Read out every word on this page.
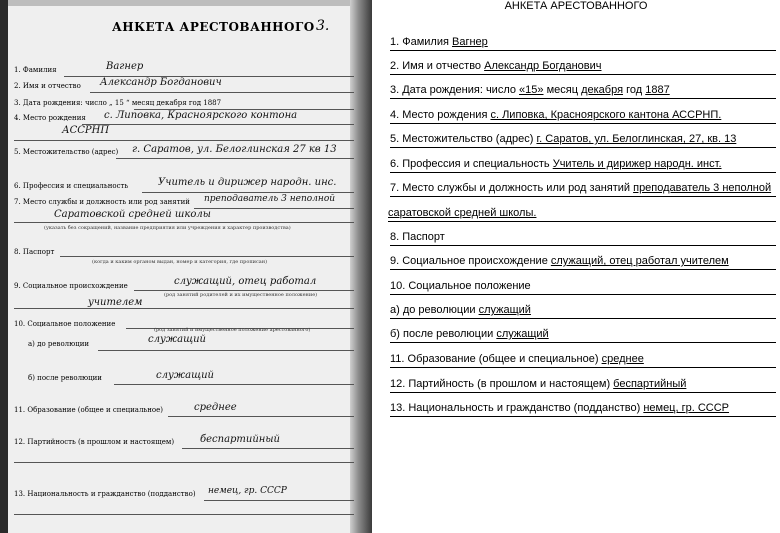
АНКЕТА АРЕСТОВАННОГО 3.
1. Фамилия	Вагнер
2. Имя и отчество Александр Богданович
3. Дата рождения: число „ 15 “ месяц декабря год 1887
4. Место рождения с. Липовка, Красноярского контона
АССРНП
5. Местожительство (адрес) г. Саратов, ул. Белоглинская 27 кв 13
6. Профессия и специальность	Учитель и дирижер народн. инс.
7. Место службы и должность или род занятий преподаватель 3 неполной
Саратовской средней школы
(указать без сокращений, название предприятия или учреждения и характер производства)
8. Паспорт
(когда и каким органом выдан, номер и категория, где прописан)
9. Социальное происхождение	служащий, отец работал
(род занятий родителей и их имущественное положение)
учителем
10. Социальное положение
(род занятий и имущественное положение арестованного)
а) до революции	служащий
б) после революции	служащий
11. Образование (общее и специальное)	среднее
12. Партийность (в прошлом и настоящем)	беспартийный
13. Национальность и гражданство (подданство) немец, гр. СССР
АНКЕТА АРЕСТОВАННОГО
1. Фамилия Вагнер
2. Имя и отчество Александр Богданович
3. Дата рождения: число «15» месяц декабря год 1887
4. Место рождения с. Липовка, Красноярского кантона АССРНП.
5. Местожительство (адрес) г. Саратов, ул. Белоглинская, 27, кв. 13
6. Профессия и специальность Учитель и дирижер народн. инст.
7. Место службы и должность или род занятий преподаватель 3 неполной
саратовской средней школы.
8. Паспорт
9. Социальное происхождение служащий, отец работал учителем
10. Социальное положение
а) до революции служащий
б) после революции служащий
11. Образование (общее и специальное) среднее
12. Партийность (в прошлом и настоящем) беспартийный
13. Национальность и гражданство (подданство) немец, гр. СССР
